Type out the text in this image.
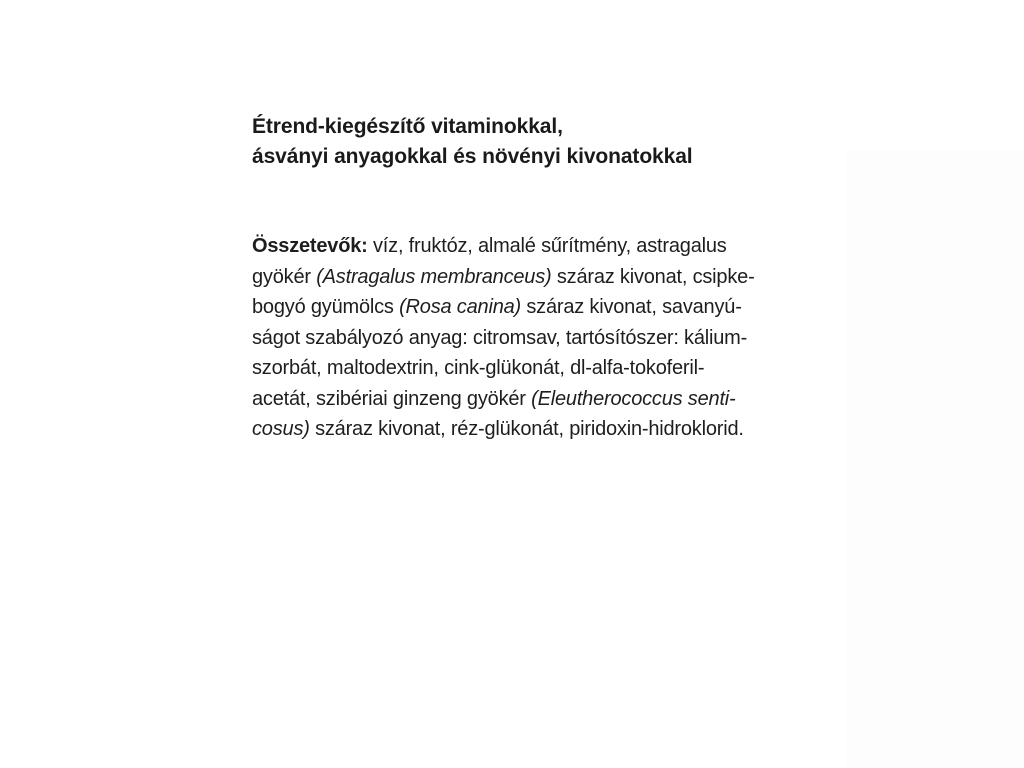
Étrend-kiegészítő vitaminokkal,
ásványi anyagokkal és növényi kivonatokkal
Összetevők: víz, fruktóz, almalé sűrítmény, astragalus
gyökér (Astragalus membranceus) száraz kivonat, csipke-
bogyó gyümölcs (Rosa canina) száraz kivonat, savanyú-
ságot szabályozó anyag: citromsav, tartósítószer: kálium-
szorbát, maltodextrin, cink-glükonát, dl-alfa-tokoferil-
acetát, szibériai ginzeng gyökér (Eleutherococcus senti-
cosus) száraz kivonat, réz-glükonát, piridoxin-hidroklorid.
